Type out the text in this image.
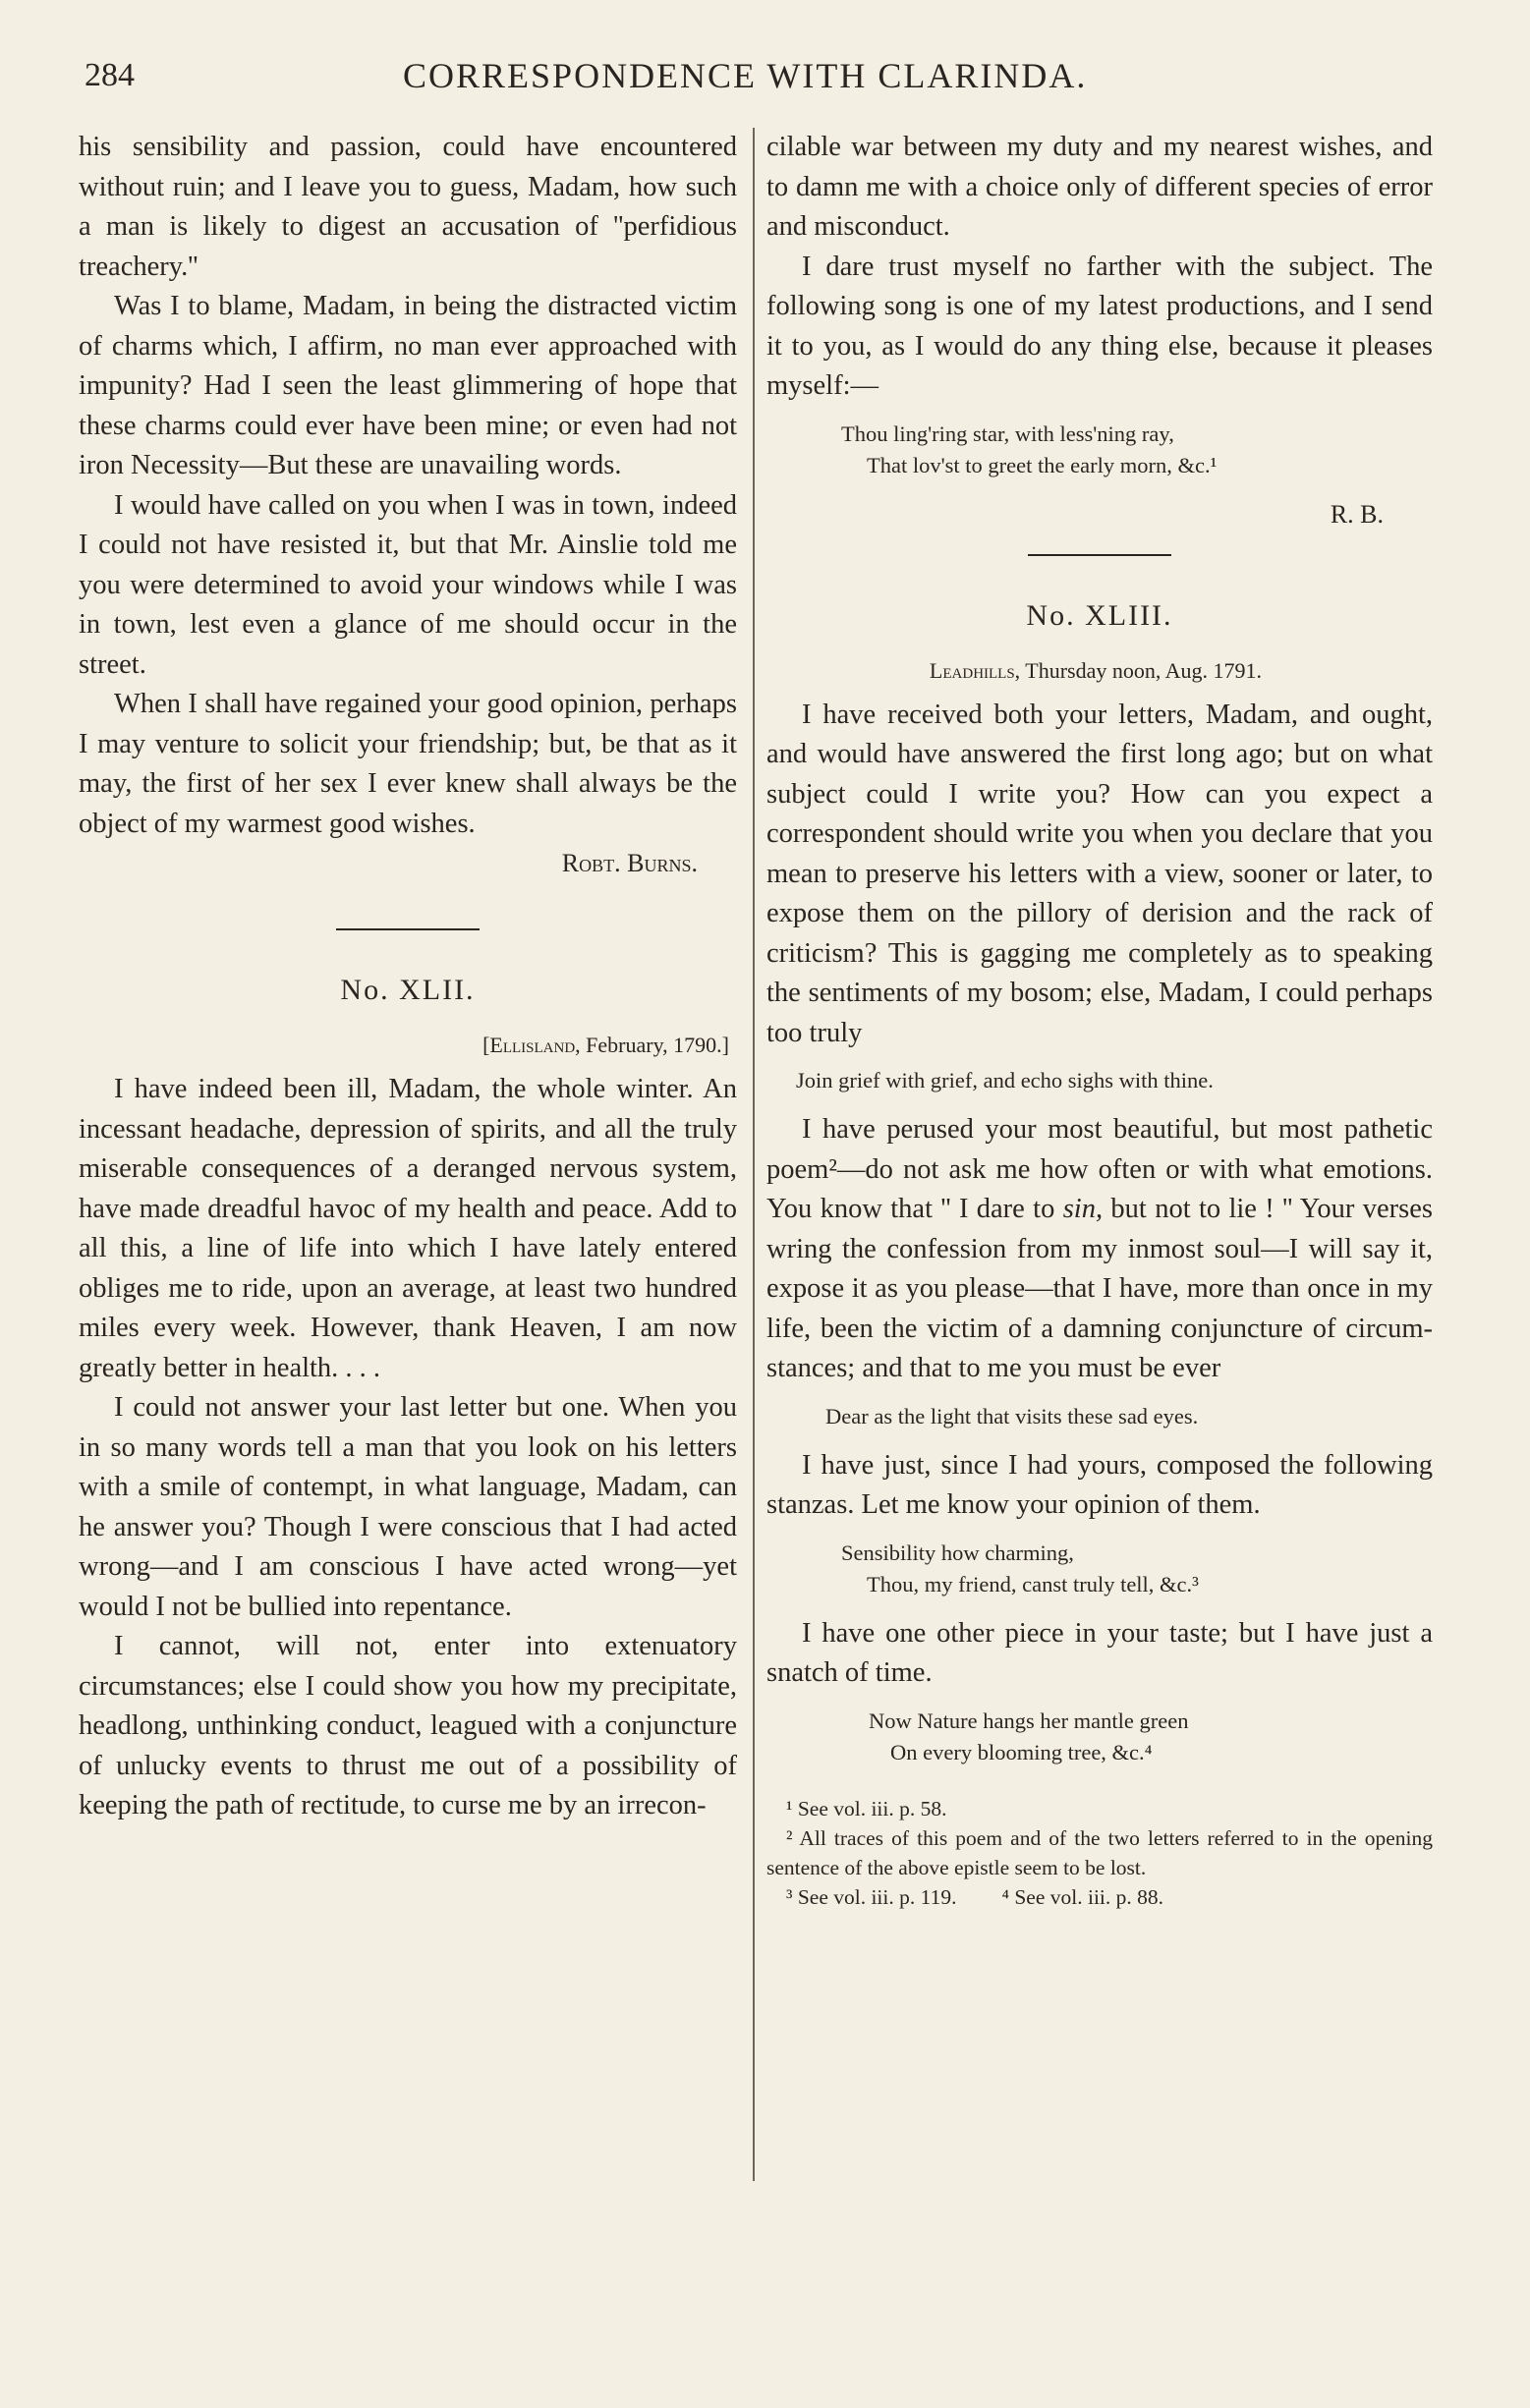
284	CORRESPONDENCE WITH CLARINDA.

his sensibility and passion, could have encountered without ruin; and I leave you to guess, Madam, how such a man is likely to digest an accusation of ''perfidious treachery.''

Was I to blame, Madam, in being the distracted victim of charms which, I affirm, no man ever approached with impunity? Had I seen the least glimmering of hope that these charms could ever have been mine; or even had not iron Necessity—But these are unavailing words.

I would have called on you when I was in town, indeed I could not have resisted it, but that Mr. Ainslie told me you were determined to avoid your windows while I was in town, lest even a glance of me should occur in the street.

When I shall have regained your good opinion, perhaps I may venture to solicit your friendship; but, be that as it may, the first of her sex I ever knew shall always be the object of my warmest good wishes.

Robt. Burns.
No. XLII.
[Ellisland, February, 1790.]

I have indeed been ill, Madam, the whole winter. An incessant headache, depression of spirits, and all the truly miserable consequences of a deranged nervous system, have made dreadful havoc of my health and peace. Add to all this, a line of life into which I have lately entered obliges me to ride, upon an average, at least two hundred miles every week. However, thank Heaven, I am now greatly better in health. . . .

I could not answer your last letter but one. When you in so many words tell a man that you look on his letters with a smile of contempt, in what language, Madam, can he answer you? Though I were conscious that I had acted wrong—and I am conscious I have acted wrong—yet would I not be bullied into repentance.

I cannot, will not, enter into extenuatory circumstances; else I could show you how my precipitate, headlong, unthinking conduct, leagued with a conjuncture of unlucky events to thrust me out of a possibility of keeping the path of rectitude, to curse me by an irrecon-

cilable war between my duty and my nearest wishes, and to damn me with a choice only of different species of error and misconduct.

I dare trust myself no farther with the subject. The following song is one of my latest productions, and I send it to you, as I would do any thing else, because it pleases myself:—

Thou ling'ring star, with less'ning ray,
That lov'st to greet the early morn, &c.¹
R. B.
No. XLIII.
Leadhills, Thursday noon, Aug. 1791.

I have received both your letters, Madam, and ought, and would have answered the first long ago; but on what subject could I write you? How can you expect a correspondent should write you when you declare that you mean to preserve his letters with a view, sooner or later, to expose them on the pillory of derision and the rack of criticism? This is gagging me completely as to speaking the sentiments of my bosom; else, Madam, I could perhaps too truly

Join grief with grief, and echo sighs with thine.

I have perused your most beautiful, but most pathetic poem²—do not ask me how often or with what emotions. You know that '' I dare to sin, but not to lie ! '' Your verses wring the confession from my inmost soul—I will say it, expose it as you please—that I have, more than once in my life, been the victim of a damning conjuncture of circumstances; and that to me you must be ever

Dear as the light that visits these sad eyes.

I have just, since I had yours, composed the following stanzas. Let me know your opinion of them.

Sensibility how charming,
Thou, my friend, canst truly tell, &c.³

I have one other piece in your taste; but I have just a snatch of time.

Now Nature hangs her mantle green
On every blooming tree, &c.⁴

¹ See vol. iii. p. 58.

² All traces of this poem and of the two letters referred to in the opening sentence of the above epistle seem to be lost.

³ See vol. iii. p. 119. ⁴ See vol. iii. p. 88.
